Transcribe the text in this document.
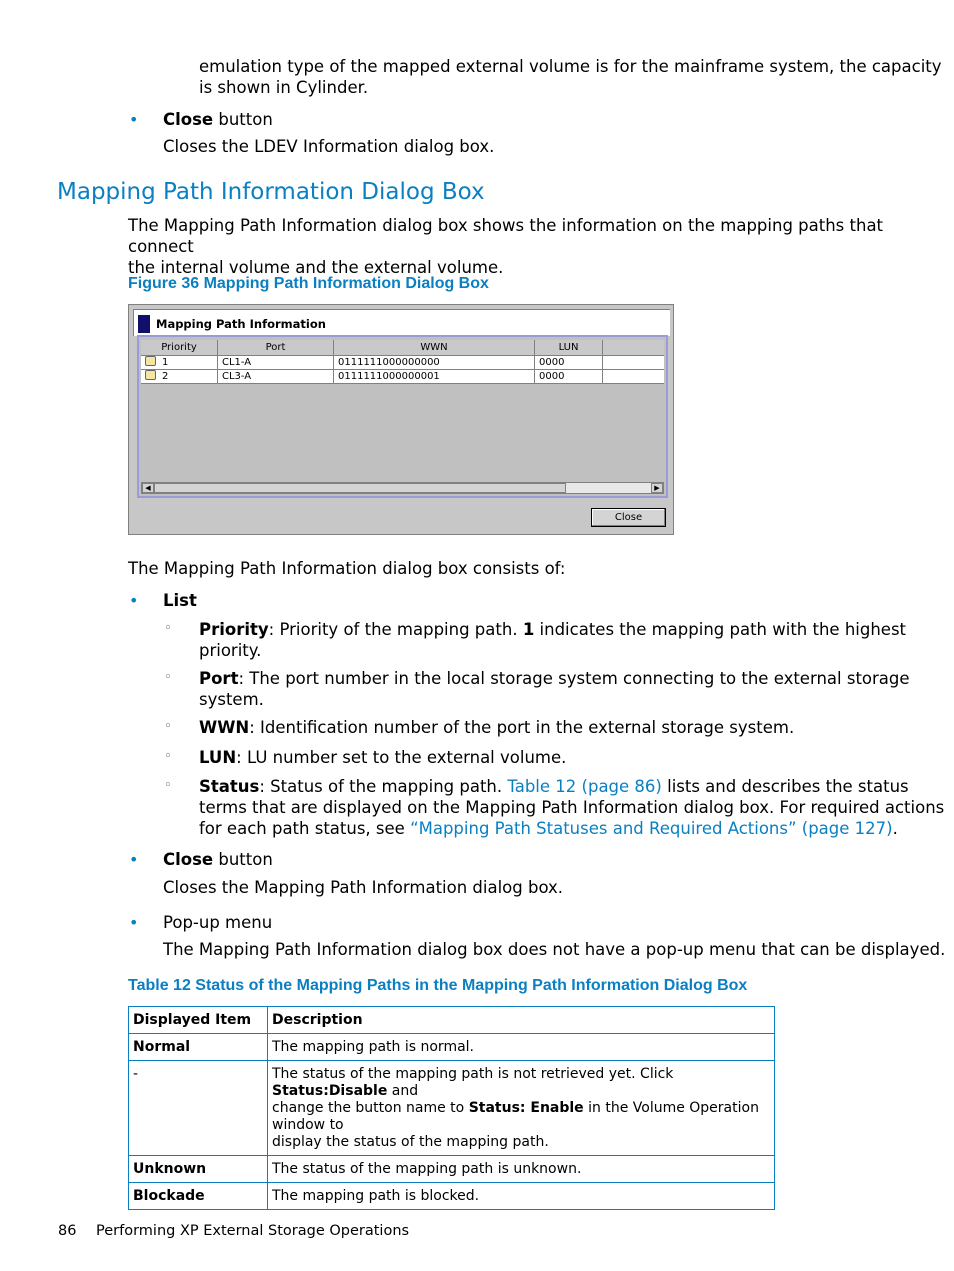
emulation type of the mapped external volume is for the mainframe system, the capacity
is shown in Cylinder.
• Close button
Closes the LDEV Information dialog box.
Mapping Path Information Dialog Box
The Mapping Path Information dialog box shows the information on the mapping paths that connect
the internal volume and the external volume.
Figure 36 Mapping Path Information Dialog Box
Mapping Path Information
Priority	Port	WWN	LUN
1	CL1-A	0111111000000000	0000
2	CL3-A	0111111000000001	0000
◀	▶
Close
The Mapping Path Information dialog box consists of:
• List
◦ Priority: Priority of the mapping path. 1 indicates the mapping path with the highest
priority.
◦ Port: The port number in the local storage system connecting to the external storage
system.
◦ WWN: Identification number of the port in the external storage system.
◦ LUN: LU number set to the external volume.
◦ Status: Status of the mapping path. Table 12 (page 86) lists and describes the status
terms that are displayed on the Mapping Path Information dialog box. For required actions
for each path status, see “Mapping Path Statuses and Required Actions” (page 127).
• Close button
Closes the Mapping Path Information dialog box.
• Pop-up menu
The Mapping Path Information dialog box does not have a pop-up menu that can be displayed.
Table 12 Status of the Mapping Paths in the Mapping Path Information Dialog Box
Displayed Item	Description
Normal	The mapping path is normal.
-	The status of the mapping path is not retrieved yet. Click Status:Disable and
change the button name to Status: Enable in the Volume Operation window to
display the status of the mapping path.

Unknown	The status of the mapping path is unknown.
Blockade	The mapping path is blocked.
86 Performing XP External Storage Operations
